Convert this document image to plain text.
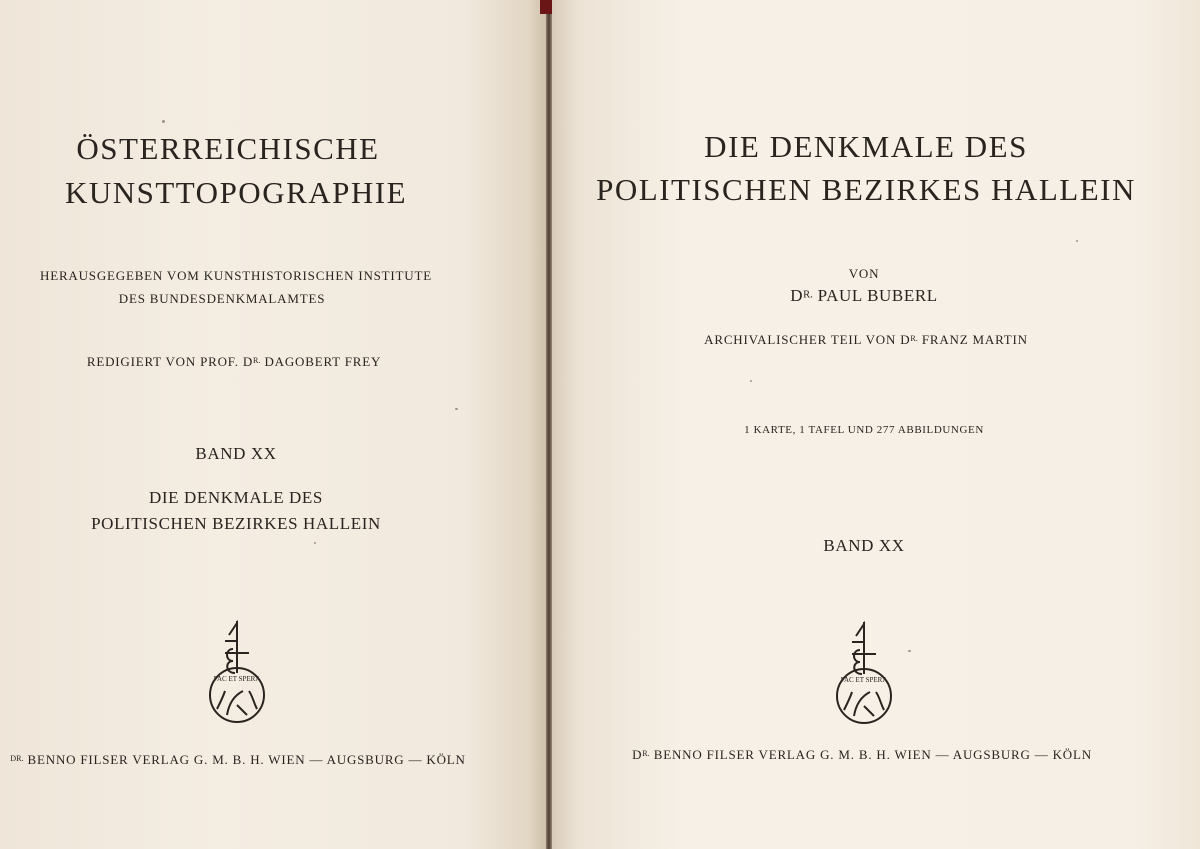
ÖSTERREICHISCHE
KUNSTTOPOGRAPHIE
HERAUSGEGEBEN VOM KUNSTHISTORISCHEN INSTITUTE
DES BUNDESDENKMALAMTES
REDIGIERT VON PROF. $D^{R.}$ DAGOBERT FREY
BAND XX
DIE DENKMALE DES
POLITISCHEN BEZIRKES HALLEIN
FAC ET SPERA
$^{DR.}$ BENNO FILSER VERLAG G. M. B. H. WIEN — AUGSBURG — KÖLN
DIE DENKMALE DES
POLITISCHEN BEZIRKES HALLEIN
VON
$D^{R.}$ PAUL BUBERL
ARCHIVALISCHER TEIL VON $D^{R.}$ FRANZ MARTIN
1 KARTE, 1 TAFEL UND 277 ABBILDUNGEN
BAND XX
FAC ET SPERA
$D^{R.}$ BENNO FILSER VERLAG G. M. B. H. WIEN — AUGSBURG — KÖLN
